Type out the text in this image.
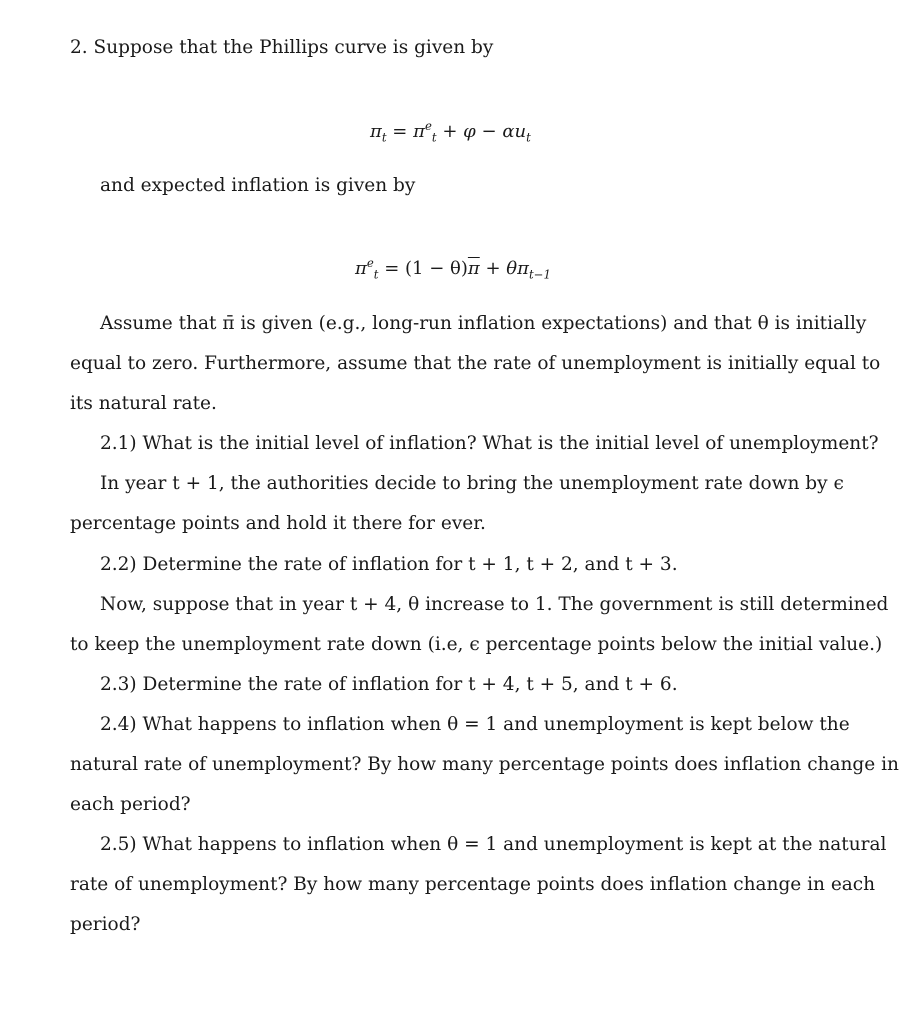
2. Suppose that the Phillips curve is given by
$\pi_t = \pi^e_t + \varphi - \alpha u_t$
and expected inflation is given by
$\pi^e_t = (1 - \theta)\overline{\pi} + \theta\pi_{t-1}$
Assume that π̄ is given (e.g., long-run inflation expectations) and that θ is initially
equal to zero. Furthermore, assume that the rate of unemployment is initially equal to
its natural rate.
2.1) What is the initial level of inflation? What is the initial level of unemployment?
In year t + 1, the authorities decide to bring the unemployment rate down by ϵ
percentage points and hold it there for ever.
2.2) Determine the rate of inflation for t + 1, t + 2, and t + 3.
Now, suppose that in year t + 4, θ increase to 1. The government is still determined
to keep the unemployment rate down (i.e, ϵ percentage points below the initial value.)
2.3) Determine the rate of inflation for t + 4, t + 5, and t + 6.
2.4) What happens to inflation when θ = 1 and unemployment is kept below the
natural rate of unemployment? By how many percentage points does inflation change in
each period?
2.5) What happens to inflation when θ = 1 and unemployment is kept at the natural
rate of unemployment? By how many percentage points does inflation change in each
period?
